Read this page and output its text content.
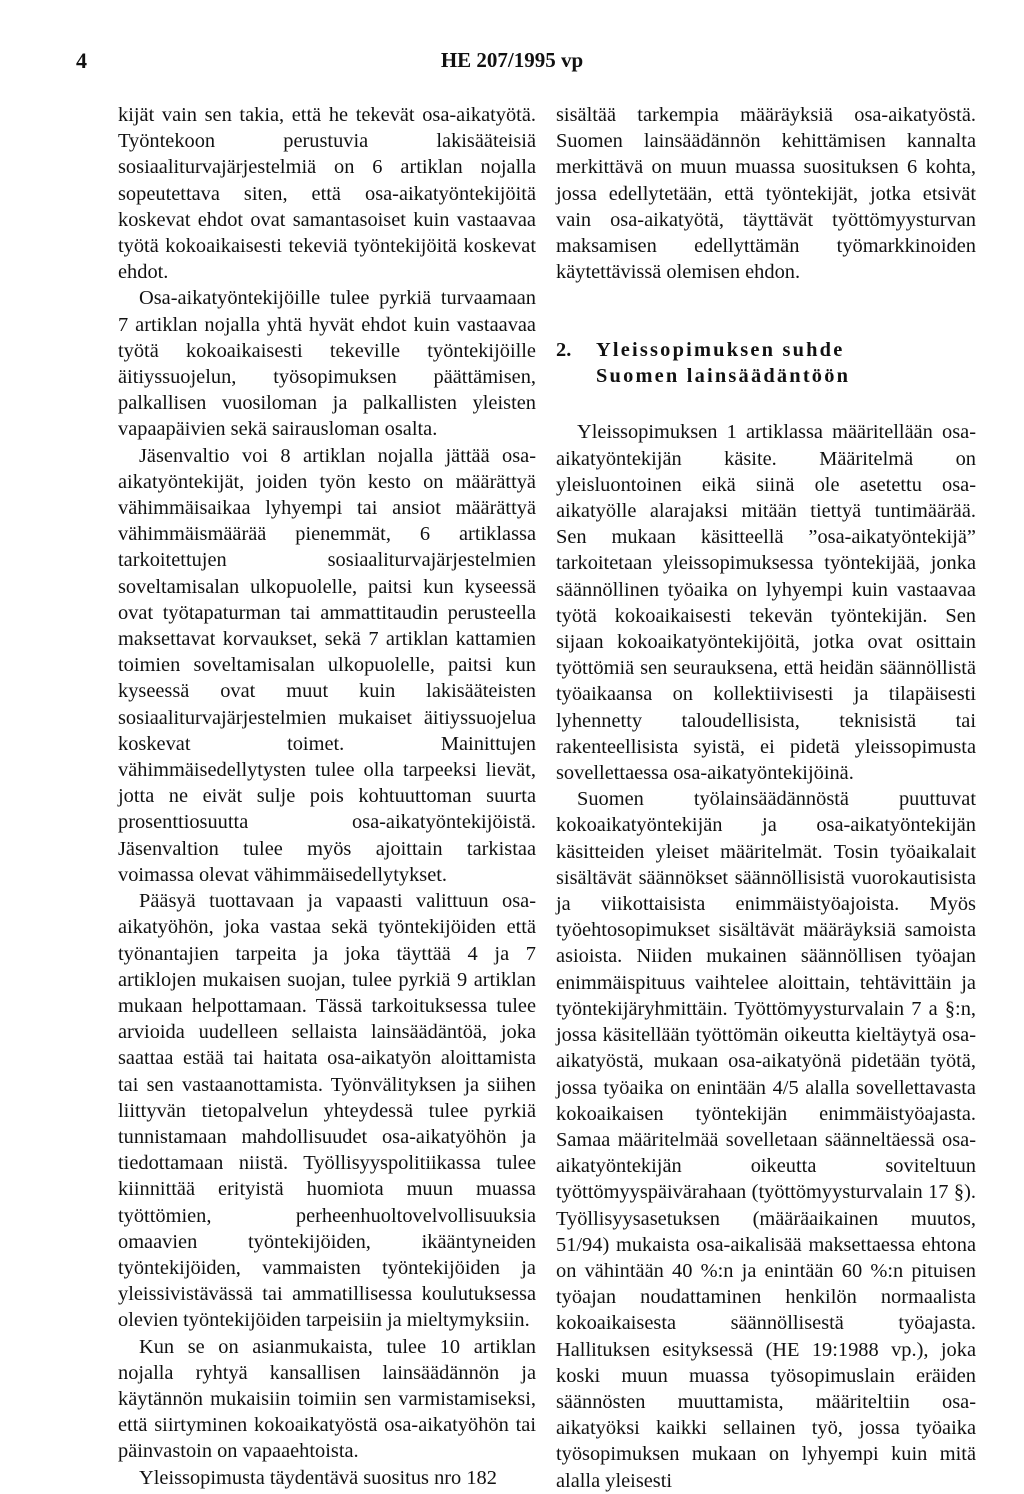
4	HE 207/1995 vp

kijät vain sen takia, että he tekevät osa-aikatyötä. Työntekoon perustuvia lakisääteisiä sosiaaliturvajärjestelmiä on 6 artiklan nojalla sopeutettava siten, että osa-aikatyöntekijöitä koskevat ehdot ovat samantasoiset kuin vastaavaa työtä kokoaikaisesti tekeviä työntekijöitä koskevat ehdot.

Osa-aikatyöntekijöille tulee pyrkiä turvaamaan 7 artiklan nojalla yhtä hyvät ehdot kuin vastaavaa työtä kokoaikaisesti tekeville työntekijöille äitiyssuojelun, työsopimuksen päättämisen, palkallisen vuosiloman ja palkallisten yleisten vapaapäivien sekä sairausloman osalta.

Jäsenvaltio voi 8 artiklan nojalla jättää osa-aikatyöntekijät, joiden työn kesto on määrättyä vähimmäisaikaa lyhyempi tai ansiot määrättyä vähimmäismäärää pienemmät, 6 artiklassa tarkoitettujen sosiaaliturvajärjestelmien soveltamisalan ulkopuolelle, paitsi kun kyseessä ovat työtapaturman tai ammattitaudin perusteella maksettavat korvaukset, sekä 7 artiklan kattamien toimien soveltamisalan ulkopuolelle, paitsi kun kyseessä ovat muut kuin lakisääteisten sosiaaliturvajärjestelmien mukaiset äitiyssuojelua koskevat toimet. Mainittujen vähimmäisedellytysten tulee olla tarpeeksi lievät, jotta ne eivät sulje pois kohtuuttoman suurta prosenttiosuutta osa-aikatyöntekijöistä. Jäsenvaltion tulee myös ajoittain tarkistaa voimassa olevat vähimmäisedellytykset.

Pääsyä tuottavaan ja vapaasti valittuun osa-aikatyöhön, joka vastaa sekä työntekijöiden että työnantajien tarpeita ja joka täyttää 4 ja 7 artiklojen mukaisen suojan, tulee pyrkiä 9 artiklan mukaan helpottamaan. Tässä tarkoituksessa tulee arvioida uudelleen sellaista lainsäädäntöä, joka saattaa estää tai haitata osa-aikatyön aloittamista tai sen vastaanottamista. Työnvälityksen ja siihen liittyvän tietopalvelun yhteydessä tulee pyrkiä tunnistamaan mahdollisuudet osa-aikatyöhön ja tiedottamaan niistä. Työllisyyspolitiikassa tulee kiinnittää erityistä huomiota muun muassa työttömien, perheenhuoltovelvollisuuksia omaavien työntekijöiden, ikääntyneiden työntekijöiden, vammaisten työntekijöiden ja yleissivistävässä tai ammatillisessa koulutuksessa olevien työntekijöiden tarpeisiin ja mieltymyksiin.

Kun se on asianmukaista, tulee 10 artiklan nojalla ryhtyä kansallisen lainsäädännön ja käytännön mukaisiin toimiin sen varmistamiseksi, että siirtyminen kokoaikatyöstä osa-aikatyöhön tai päinvastoin on vapaaehtoista.

Yleissopimusta täydentävä suositus nro 182

sisältää tarkempia määräyksiä osa-aikatyöstä. Suomen lainsäädännön kehittämisen kannalta merkittävä on muun muassa suosituksen 6 kohta, jossa edellytetään, että työntekijät, jotka etsivät vain osa-aikatyötä, täyttävät työttömyysturvan maksamisen edellyttämän työmarkkinoiden käytettävissä olemisen ehdon.

2.	Yleissopimuksen suhde
Suomen lainsäädäntöön

Yleissopimuksen 1 artiklassa määritellään osa-aikatyöntekijän käsite. Määritelmä on yleisluontoinen eikä siinä ole asetettu osa-aikatyölle alarajaksi mitään tiettyä tuntimäärää. Sen mukaan käsitteellä ”osa-aikatyöntekijä” tarkoitetaan yleissopimuksessa työntekijää, jonka säännöllinen työaika on lyhyempi kuin vastaavaa työtä kokoaikaisesti tekevän työntekijän. Sen sijaan kokoaikatyöntekijöitä, jotka ovat osittain työttömiä sen seurauksena, että heidän säännöllistä työaikaansa on kollektiivisesti ja tilapäisesti lyhennetty taloudellisista, teknisistä tai rakenteellisista syistä, ei pidetä yleissopimusta sovellettaessa osa-aikatyöntekijöinä.

Suomen työlainsäädännöstä puuttuvat kokoaikatyöntekijän ja osa-aikatyöntekijän käsitteiden yleiset määritelmät. Tosin työaikalait sisältävät säännökset säännöllisistä vuorokautisista ja viikottaisista enimmäistyöajoista. Myös työehtosopimukset sisältävät määräyksiä samoista asioista. Niiden mukainen säännöllisen työajan enimmäispituus vaihtelee aloittain, tehtävittäin ja työntekijäryhmittäin. Työttömyysturvalain 7 a §:n, jossa käsitellään työttömän oikeutta kieltäytyä osa-aikatyöstä, mukaan osa-aikatyönä pidetään työtä, jossa työaika on enintään 4/5 alalla sovellettavasta kokoaikaisen työntekijän enimmäistyöajasta. Samaa määritelmää sovelletaan säänneltäessä osa-aikatyöntekijän oikeutta soviteltuun työttömyyspäivärahaan (työttömyysturvalain 17 §). Työllisyysasetuksen (määräaikainen muutos, 51/94) mukaista osa-aikalisää maksettaessa ehtona on vähintään 40 %:n ja enintään 60 %:n pituisen työajan noudattaminen henkilön normaalista kokoaikaisesta säännöllisestä työajasta. Hallituksen esityksessä (HE 19:1988 vp.), joka koski muun muassa työsopimuslain eräiden säännösten muuttamista, määriteltiin osa-aikatyöksi kaikki sellainen työ, jossa työaika työsopimuksen mukaan on lyhyempi kuin mitä alalla yleisesti
